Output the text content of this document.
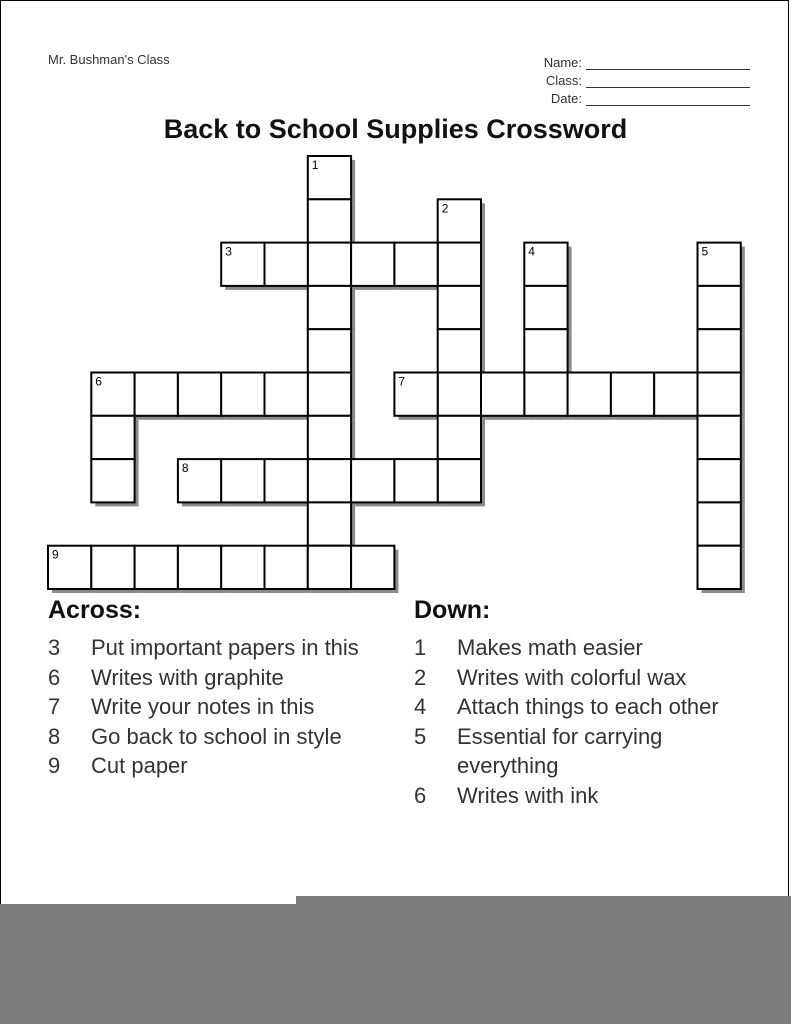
Mr. Bushman's Class	Name:
Class:
Date:
Back to School Supplies Crossword
1
2
3	4	5
6	7
8
9
Across:
3	Put important papers in this
6	Writes with graphite
7	Write your notes in this
8	Go back to school in style
9	Cut paper
Down:
1	Makes math easier
2	Writes with colorful wax
4	Attach things to each other
5	Essential for carrying everything
6	Writes with ink
